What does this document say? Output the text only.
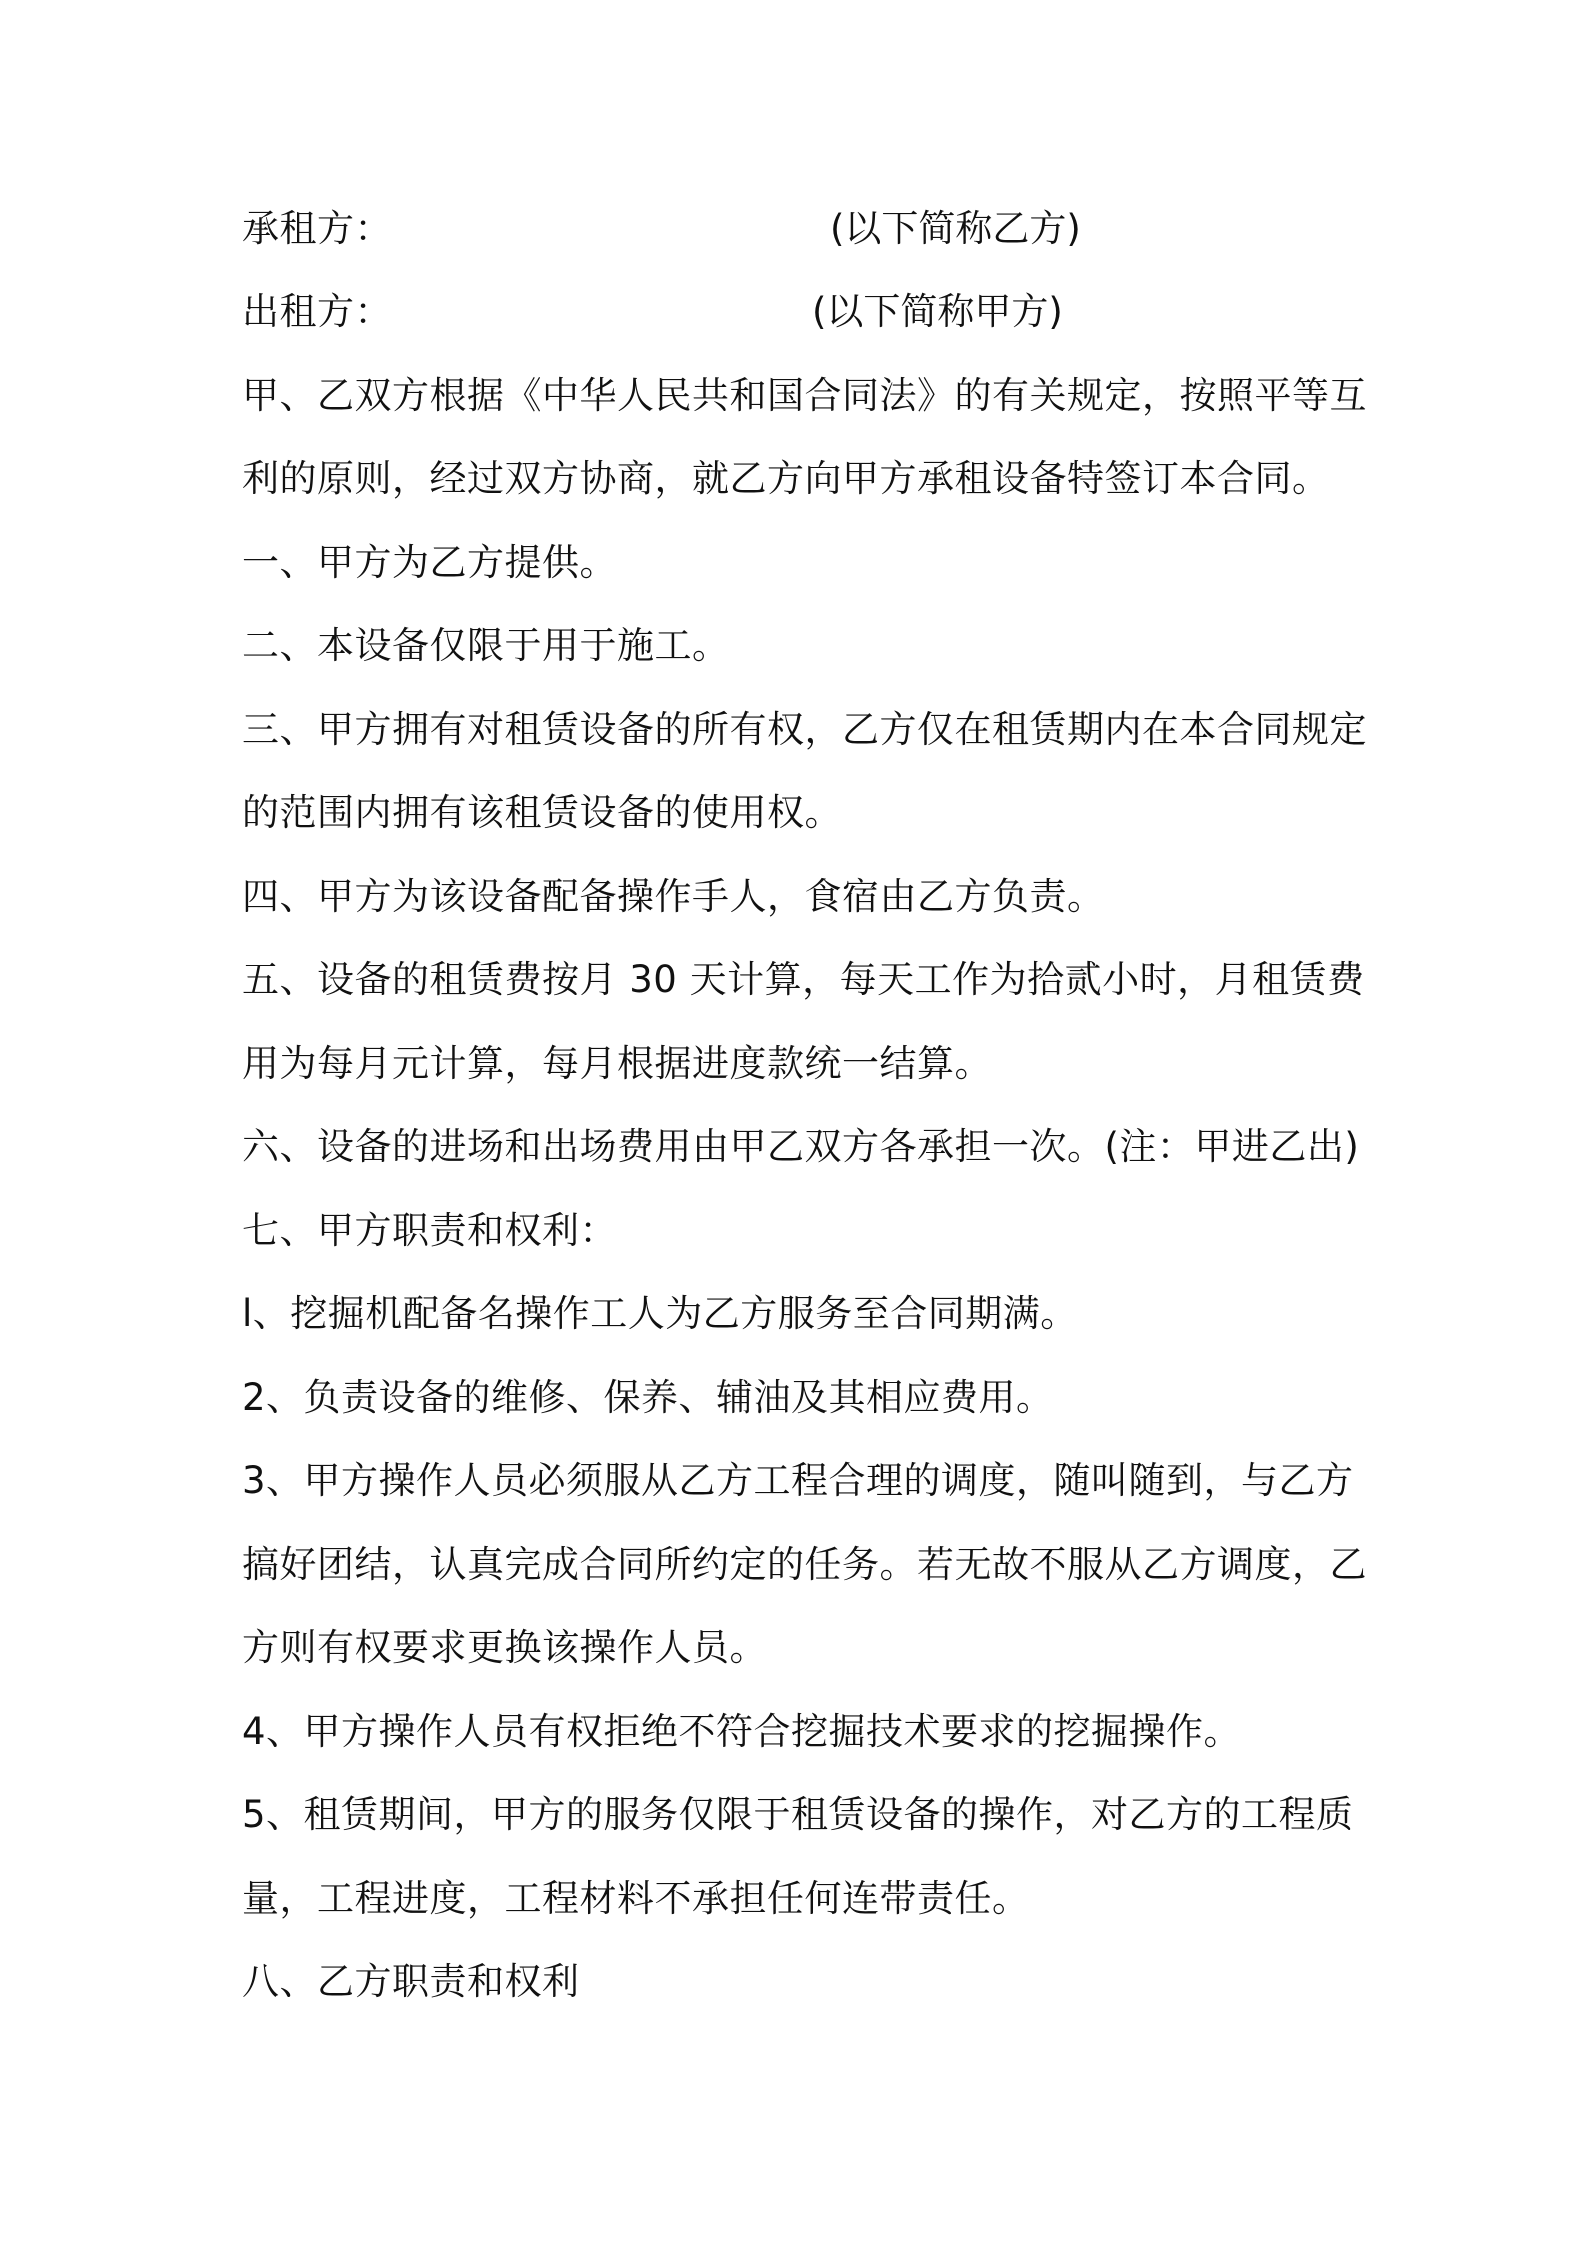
承租方：	(以下简称乙方)
出租方：	(以下简称甲方)
甲、乙双方根据《中华人民共和国合同法》的有关规定，按照平等互
利的原则，经过双方协商，就乙方向甲方承租设备特签订本合同。
一、甲方为乙方提供。
二、本设备仅限于用于施工。
三、甲方拥有对租赁设备的所有权，乙方仅在租赁期内在本合同规定
的范围内拥有该租赁设备的使用权。
四、甲方为该设备配备操作手人，食宿由乙方负责。
五、设备的租赁费按月 30 天计算，每天工作为拾贰小时，月租赁费
用为每月元计算，每月根据进度款统一结算。
六、设备的进场和出场费用由甲乙双方各承担一次。(注：甲进乙出)
七、甲方职责和权利：
l、挖掘机配备名操作工人为乙方服务至合同期满。
2、负责设备的维修、保养、辅油及其相应费用。
3、甲方操作人员必须服从乙方工程合理的调度，随叫随到，与乙方
搞好团结，认真完成合同所约定的任务。若无故不服从乙方调度，乙
方则有权要求更换该操作人员。
4、甲方操作人员有权拒绝不符合挖掘技术要求的挖掘操作。
5、租赁期间，甲方的服务仅限于租赁设备的操作，对乙方的工程质
量，工程进度，工程材料不承担任何连带责任。
八、乙方职责和权利
